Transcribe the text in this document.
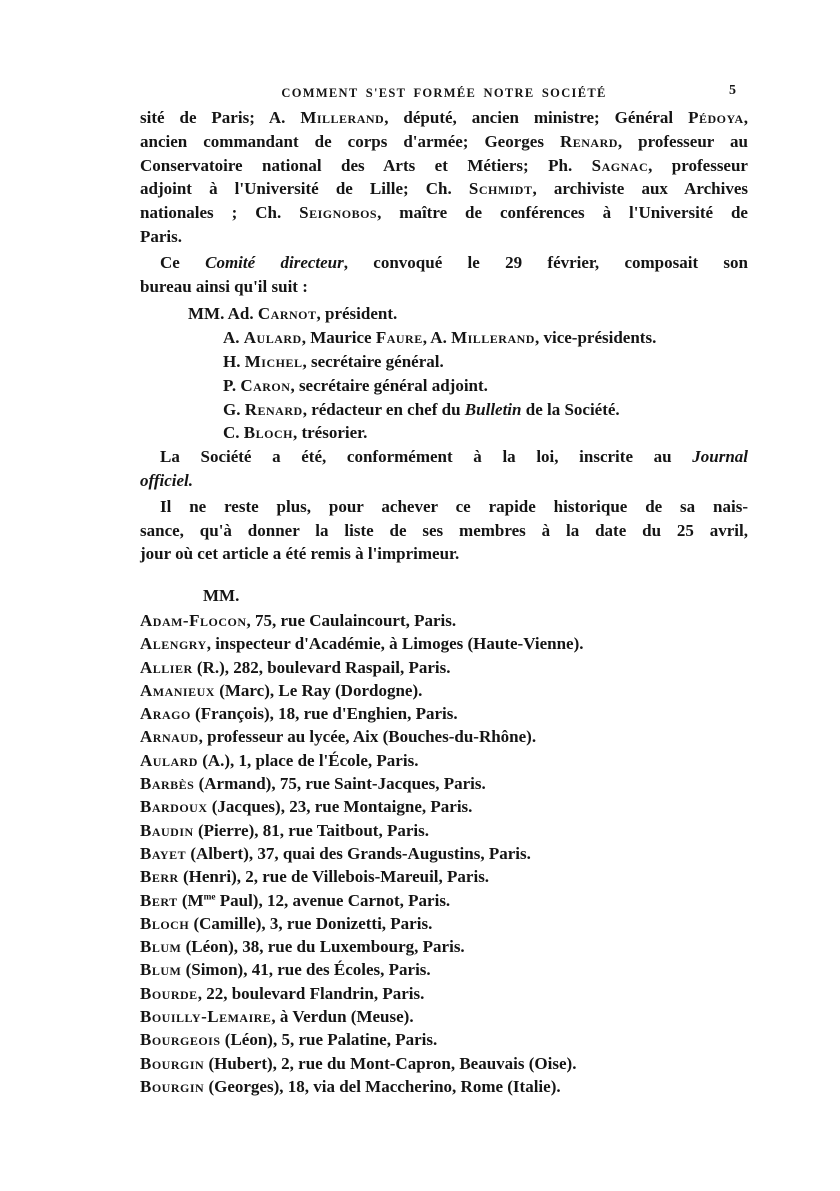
COMMENT S'EST FORMÉE NOTRE SOCIÉTÉ	5
sité de Paris; A. Millerand, député, ancien ministre; Général Pédoya,
ancien commandant de corps d'armée; Georges Renard, professeur au
Conservatoire national des Arts et Métiers; Ph. Sagnac, professeur
adjoint à l'Université de Lille; Ch. Schmidt, archiviste aux Archives
nationales ; Ch. Seignobos, maître de conférences à l'Université de
Paris.
Ce Comité directeur, convoqué le 29 février, composait son
bureau ainsi qu'il suit :
MM. Ad. Carnot, président.
A. Aulard, Maurice Faure, A. Millerand, vice-présidents.
H. Michel, secrétaire général.
P. Caron, secrétaire général adjoint.
G. Renard, rédacteur en chef du Bulletin de la Société.
C. Bloch, trésorier.
La Société a été, conformément à la loi, inscrite au Journal
officiel.
Il ne reste plus, pour achever ce rapide historique de sa nais-
sance, qu'à donner la liste de ses membres à la date du 25 avril,
jour où cet article a été remis à l'imprimeur.
MM.
Adam-Flocon, 75, rue Caulaincourt, Paris.
Alengry, inspecteur d'Académie, à Limoges (Haute-Vienne).
Allier (R.), 282, boulevard Raspail, Paris.
Amanieux (Marc), Le Ray (Dordogne).
Arago (François), 18, rue d'Enghien, Paris.
Arnaud, professeur au lycée, Aix (Bouches-du-Rhône).
Aulard (A.), 1, place de l'École, Paris.
Barbès (Armand), 75, rue Saint-Jacques, Paris.
Bardoux (Jacques), 23, rue Montaigne, Paris.
Baudin (Pierre), 81, rue Taitbout, Paris.
Bayet (Albert), 37, quai des Grands-Augustins, Paris.
Berr (Henri), 2, rue de Villebois-Mareuil, Paris.
Bert ($M^{me}$ Paul), 12, avenue Carnot, Paris.
Bloch (Camille), 3, rue Donizetti, Paris.
Blum (Léon), 38, rue du Luxembourg, Paris.
Blum (Simon), 41, rue des Écoles, Paris.
Bourde, 22, boulevard Flandrin, Paris.
Bouilly-Lemaire, à Verdun (Meuse).
Bourgeois (Léon), 5, rue Palatine, Paris.
Bourgin (Hubert), 2, rue du Mont-Capron, Beauvais (Oise).
Bourgin (Georges), 18, via del Maccherino, Rome (Italie).
